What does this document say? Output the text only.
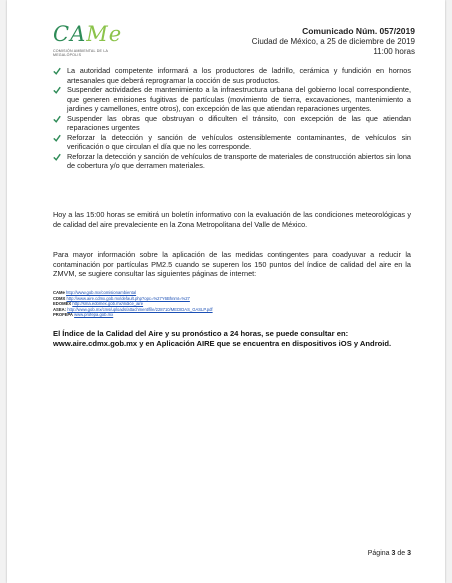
CAMe
COMISIÓN AMBIENTAL DE LA MEGALÓPOLIS
Comunicado Núm. 057/2019
Ciudad de México, a 25 de diciembre de 2019
11:00 horas
La autoridad competente informará a los productores de ladrillo, cerámica y fundición en hornos artesanales que deberá reprogramar la cocción de sus productos.
Suspender actividades de mantenimiento a la infraestructura urbana del gobierno local correspondiente, que generen emisiones fugitivas de partículas (movimiento de tierra, excavaciones, mantenimiento a jardines y camellones, entre otros), con excepción de las que atiendan reparaciones urgentes.
Suspender las obras que obstruyan o dificulten el tránsito, con excepción de las que atiendan reparaciones urgentes
Reforzar la detección y sanción de vehículos ostensiblemente contaminantes, de vehículos sin verificación o que circulan el día que no les corresponde.
Reforzar la detección y sanción de vehículos de transporte de materiales de construcción abiertos sin lona de cobertura y/o que derramen materiales.

Hoy a las 15:00 horas se emitirá un boletín informativo con la evaluación de las condiciones meteorológicas y de calidad del aire prevaleciente en la Zona Metropolitana del Valle de México.

Para mayor información sobre la aplicación de las medidas contingentes para coadyuvar a reducir la contaminación por partículas PM2.5 cuando se superen los 150 puntos del índice de calidad del aire en la ZMVM, se sugiere consultar las siguientes páginas de internet:

CAMe http://www.gob.mx/comisionambiental
CDMX http://www.aire.cdmx.gob.mx/default.php?opc=%27Y6BhnmI=%27
EDOMEX http://sma.edomex.gob.mx/indice_aire
ASEA: http://www.gob.mx/cms/uploads/attachment/file/228710/MEDIDAS_GASLP.pdf
PROFEPA www.profepa.gob.mx

El Índice de la Calidad del Aire y su pronóstico a 24 horas, se puede consultar en: www.aire.cdmx.gob.mx y en Aplicación AIRE que se encuentra en dispositivos iOS y Android.

Página 3 de 3
